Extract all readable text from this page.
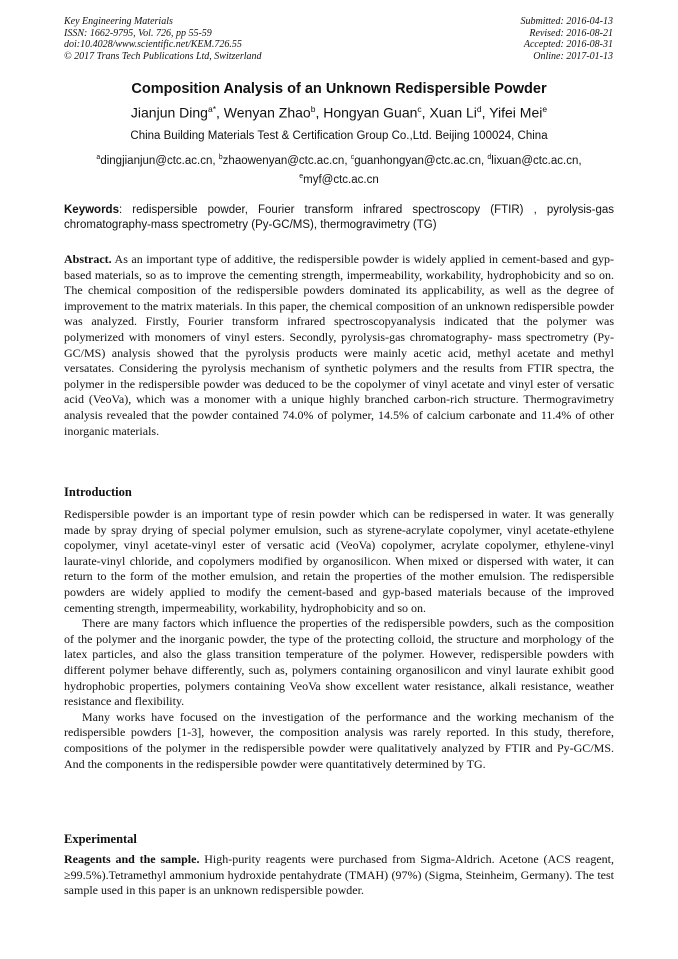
Key Engineering Materials
ISSN: 1662-9795, Vol. 726, pp 55-59
doi:10.4028/www.scientific.net/KEM.726.55
© 2017 Trans Tech Publications Ltd, Switzerland
Submitted: 2016-04-13
Revised: 2016-08-21
Accepted: 2016-08-31
Online: 2017-01-13
Composition Analysis of an Unknown Redispersible Powder
Jianjun Ding$^{a*}$, Wenyan Zhao$^b$, Hongyan Guan$^c$, Xuan Li$^d$, Yifei Mei$^e$
China Building Materials Test & Certification Group Co.,Ltd. Beijing 100024, China
$^a$dingjianjun@ctc.ac.cn, $^b$zhaowenyan@ctc.ac.cn, $^c$guanhongyan@ctc.ac.cn, $^d$lixuan@ctc.ac.cn,
$^e$myf@ctc.ac.cn
Keywords: redispersible powder, Fourier transform infrared spectroscopy (FTIR) , pyrolysis-gas chromatography-mass spectrometry (Py-GC/MS), thermogravimetry (TG)
Abstract. As an important type of additive, the redispersible powder is widely applied in cement-based and gyp-based materials, so as to improve the cementing strength, impermeability, workability, hydrophobicity and so on. The chemical composition of the redispersible powders dominated its applicability, as well as the degree of improvement to the matrix materials. In this paper, the chemical composition of an unknown redispersible powder was analyzed. Firstly, Fourier transform infrared spectroscopyanalysis indicated that the polymer was polymerized with monomers of vinyl esters. Secondly, pyrolysis-gas chromatography- mass spectrometry (Py-GC/MS) analysis showed that the pyrolysis products were mainly acetic acid, methyl acetate and methyl versatates. Considering the pyrolysis mechanism of synthetic polymers and the results from FTIR spectra, the polymer in the redispersible powder was deduced to be the copolymer of vinyl acetate and vinyl ester of versatic acid (VeoVa), which was a monomer with a unique highly branched carbon-rich structure. Thermogravimetry analysis revealed that the powder contained 74.0% of polymer, 14.5% of calcium carbonate and 11.4% of other inorganic materials.
Introduction

Redispersible powder is an important type of resin powder which can be redispersed in water. It was generally made by spray drying of special polymer emulsion, such as styrene-acrylate copolymer, vinyl acetate-ethylene copolymer, vinyl acetate-vinyl ester of versatic acid (VeoVa) copolymer, acrylate copolymer, ethylene-vinyl laurate-vinyl chloride, and copolymers modified by organosilicon. When mixed or dispersed with water, it can return to the form of the mother emulsion, and retain the properties of the mother emulsion. The redispersible powders are widely applied to modify the cement-based and gyp-based materials because of the improved cementing strength, impermeability, workability, hydrophobicity and so on.

There are many factors which influence the properties of the redispersible powders, such as the composition of the polymer and the inorganic powder, the type of the protecting colloid, the structure and morphology of the latex particles, and also the glass transition temperature of the polymer. However, redispersible powders with different polymer behave differently, such as, polymers containing organosilicon and vinyl laurate exhibit good hydrophobic properties, polymers containing VeoVa show excellent water resistance, alkali resistance, weather resistance and flexibility.

Many works have focused on the investigation of the performance and the working mechanism of the redispersible powders [1-3], however, the composition analysis was rarely reported. In this study, therefore, compositions of the polymer in the redispersible powder were qualitatively analyzed by FTIR and Py-GC/MS. And the components in the redispersible powder were quantitatively determined by TG.

Experimental

Reagents and the sample. High-purity reagents were purchased from Sigma-Aldrich. Acetone (ACS reagent, ≥99.5%).Tetramethyl ammonium hydroxide pentahydrate (TMAH) (97%) (Sigma, Steinheim, Germany). The test sample used in this paper is an unknown redispersible powder.
